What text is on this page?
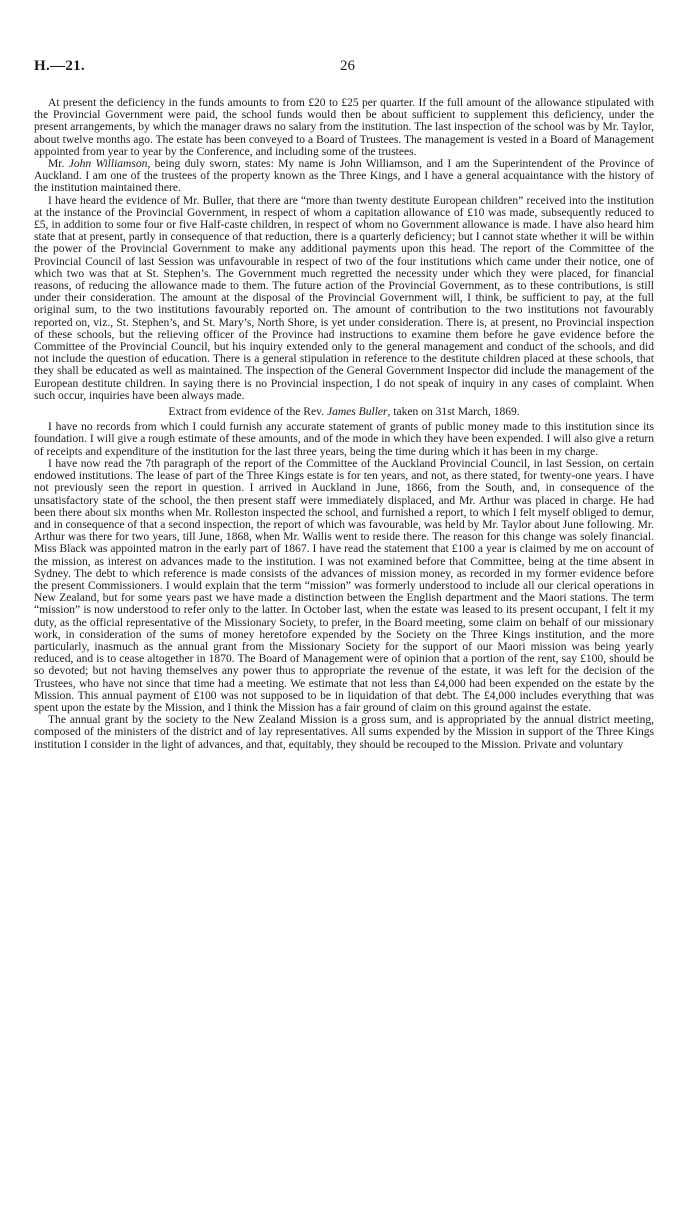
H.—21.	26

At present the deficiency in the funds amounts to from £20 to £25 per quarter. If the full amount of the allowance stipulated with the Provincial Government were paid, the school funds would then be about sufficient to supplement this deficiency, under the present arrangements, by which the manager draws no salary from the institution. The last inspection of the school was by Mr. Taylor, about twelve months ago. The estate has been conveyed to a Board of Trustees. The management is vested in a Board of Management appointed from year to year by the Conference, and including some of the trustees.

Mr. John Williamson, being duly sworn, states: My name is John Williamson, and I am the Superintendent of the Province of Auckland. I am one of the trustees of the property known as the Three Kings, and I have a general acquaintance with the history of the institution maintained there.

I have heard the evidence of Mr. Buller, that there are “more than twenty destitute European children” received into the institution at the instance of the Provincial Government, in respect of whom a capitation allowance of £10 was made, subsequently reduced to £5, in addition to some four or five Half-caste children, in respect of whom no Government allowance is made. I have also heard him state that at present, partly in consequence of that reduction, there is a quarterly deficiency; but I cannot state whether it will be within the power of the Provincial Government to make any additional payments upon this head. The report of the Committee of the Provincial Council of last Session was unfavourable in respect of two of the four institutions which came under their notice, one of which two was that at St. Stephen’s. The Government much regretted the necessity under which they were placed, for financial reasons, of reducing the allowance made to them. The future action of the Provincial Government, as to these contributions, is still under their consideration. The amount at the disposal of the Provincial Government will, I think, be sufficient to pay, at the full original sum, to the two institutions favourably reported on. The amount of contribution to the two institutions not favourably reported on, viz., St. Stephen’s, and St. Mary’s, North Shore, is yet under consideration. There is, at present, no Provincial inspection of these schools, but the relieving officer of the Province had instructions to examine them before he gave evidence before the Committee of the Provincial Council, but his inquiry extended only to the general management and conduct of the schools, and did not include the question of education. There is a general stipulation in reference to the destitute children placed at these schools, that they shall be educated as well as maintained. The inspection of the General Government Inspector did include the management of the European destitute children. In saying there is no Provincial inspection, I do not speak of inquiry in any cases of complaint. When such occur, inquiries have been always made.

Extract from evidence of the Rev. James Buller, taken on 31st March, 1869.

I have no records from which I could furnish any accurate statement of grants of public money made to this institution since its foundation. I will give a rough estimate of these amounts, and of the mode in which they have been expended. I will also give a return of receipts and expenditure of the institution for the last three years, being the time during which it has been in my charge.

I have now read the 7th paragraph of the report of the Committee of the Auckland Provincial Council, in last Session, on certain endowed institutions. The lease of part of the Three Kings estate is for ten years, and not, as there stated, for twenty-one years. I have not previously seen the report in question. I arrived in Auckland in June, 1866, from the South, and, in consequence of the unsatisfactory state of the school, the then present staff were immediately displaced, and Mr. Arthur was placed in charge. He had been there about six months when Mr. Rolleston inspected the school, and furnished a report, to which I felt myself obliged to demur, and in consequence of that a second inspection, the report of which was favourable, was held by Mr. Taylor about June following. Mr. Arthur was there for two years, till June, 1868, when Mr. Wallis went to reside there. The reason for this change was solely financial. Miss Black was appointed matron in the early part of 1867. I have read the statement that £100 a year is claimed by me on account of the mission, as interest on advances made to the institution. I was not examined before that Committee, being at the time absent in Sydney. The debt to which reference is made consists of the advances of mission money, as recorded in my former evidence before the present Commissioners. I would explain that the term “mission” was formerly understood to include all our clerical operations in New Zealand, but for some years past we have made a distinction between the English department and the Maori stations. The term “mission” is now understood to refer only to the latter. In October last, when the estate was leased to its present occupant, I felt it my duty, as the official representative of the Missionary Society, to prefer, in the Board meeting, some claim on behalf of our missionary work, in consideration of the sums of money heretofore expended by the Society on the Three Kings institution, and the more particularly, inasmuch as the annual grant from the Missionary Society for the support of our Maori mission was being yearly reduced, and is to cease altogether in 1870. The Board of Management were of opinion that a portion of the rent, say £100, should be so devoted; but not having themselves any power thus to appropriate the revenue of the estate, it was left for the decision of the Trustees, who have not since that time had a meeting. We estimate that not less than £4,000 had been expended on the estate by the Mission. This annual payment of £100 was not supposed to be in liquidation of that debt. The £4,000 includes everything that was spent upon the estate by the Mission, and I think the Mission has a fair ground of claim on this ground against the estate.

The annual grant by the society to the New Zealand Mission is a gross sum, and is appropriated by the annual district meeting, composed of the ministers of the district and of lay representatives. All sums expended by the Mission in support of the Three Kings institution I consider in the light of advances, and that, equitably, they should be recouped to the Mission. Private and voluntary
